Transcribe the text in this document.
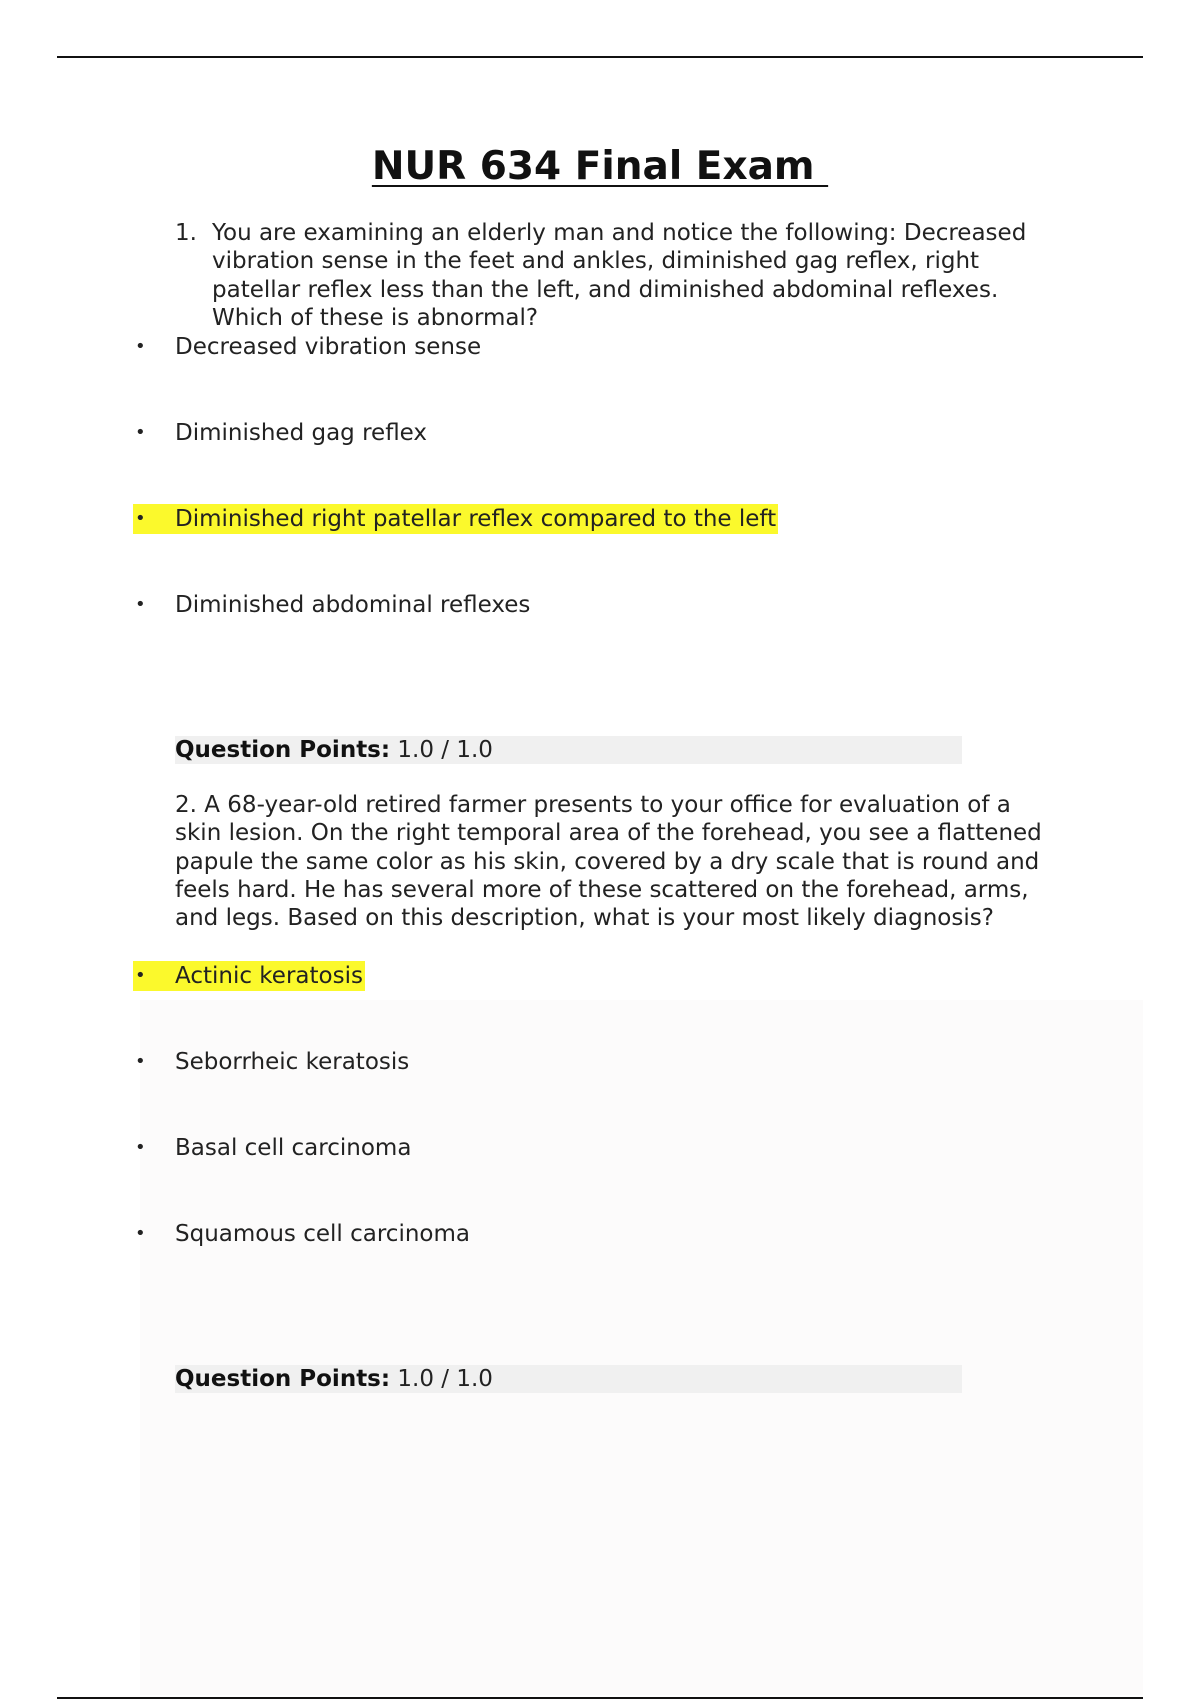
NUR 634 Final Exam
1. You are examining an elderly man and notice the following: Decreased vibration sense in the feet and ankles, diminished gag reflex, right patellar reflex less than the left, and diminished abdominal reflexes. Which of these is abnormal?
•	Decreased vibration sense
•	Diminished gag reflex
•	Diminished right patellar reflex compared to the left
•	Diminished abdominal reflexes
Question Points: 1.0 / 1.0
2. A 68-year-old retired farmer presents to your office for evaluation of a skin lesion. On the right temporal area of the forehead, you see a flattened papule the same color as his skin, covered by a dry scale that is round and feels hard. He has several more of these scattered on the forehead, arms, and legs. Based on this description, what is your most likely diagnosis?
•	Actinic keratosis
•	Seborrheic keratosis
•	Basal cell carcinoma
•	Squamous cell carcinoma
Question Points: 1.0 / 1.0
